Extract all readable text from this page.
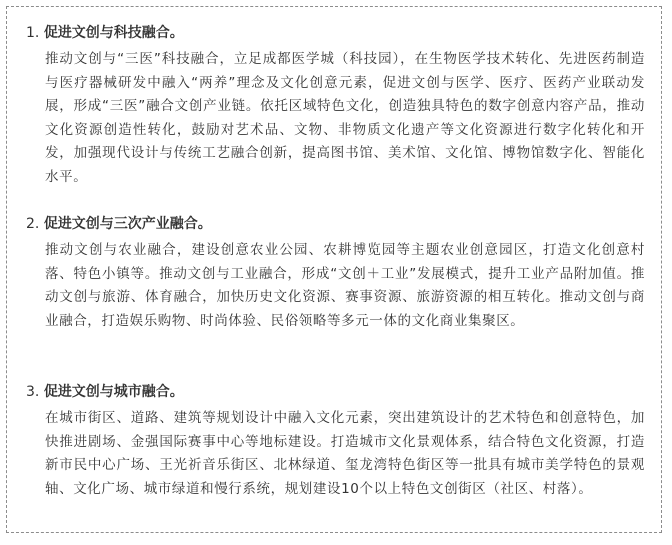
1. 促进文创与科技融合。
推动文创与“三医”科技融合，立足成都医学城（科技园），在生物医学技术转化、先进医药制造与医疗器械研发中融入“两养”理念及文化创意元素，促进文创与医学、医疗、医药产业联动发展，形成“三医”融合文创产业链。依托区域特色文化，创造独具特色的数字创意内容产品，推动文化资源创造性转化，鼓励对艺术品、文物、非物质文化遗产等文化资源进行数字化转化和开发，加强现代设计与传统工艺融合创新，提高图书馆、美术馆、文化馆、博物馆数字化、智能化水平。
2. 促进文创与三次产业融合。
推动文创与农业融合，建设创意农业公园、农耕博览园等主题农业创意园区，打造文化创意村落、特色小镇等。推动文创与工业融合，形成“文创＋工业”发展模式，提升工业产品附加值。推动文创与旅游、体育融合，加快历史文化资源、赛事资源、旅游资源的相互转化。推动文创与商业融合，打造娱乐购物、时尚体验、民俗领略等多元一体的文化商业集聚区。
3. 促进文创与城市融合。
在城市街区、道路、建筑等规划设计中融入文化元素，突出建筑设计的艺术特色和创意特色，加快推进剧场、金强国际赛事中心等地标建设。打造城市文化景观体系，结合特色文化资源，打造新市民中心广场、王光祈音乐街区、北林绿道、玺龙湾特色街区等一批具有城市美学特色的景观轴、文化广场、城市绿道和慢行系统，规划建设10个以上特色文创街区（社区、村落）。
